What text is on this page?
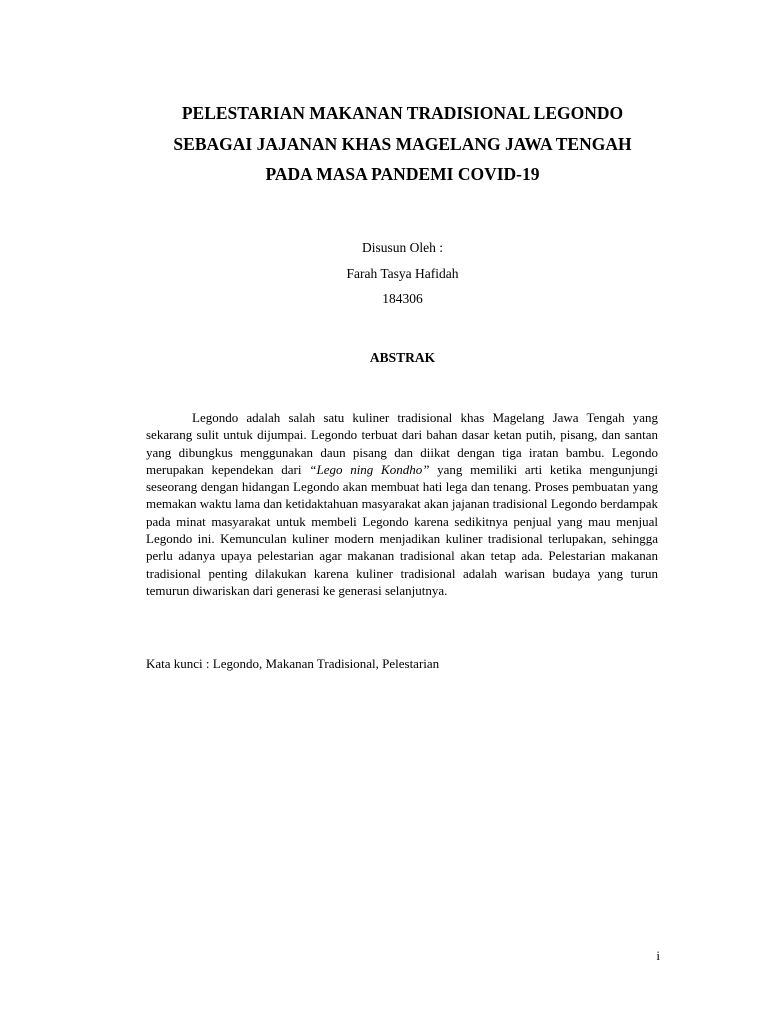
PELESTARIAN MAKANAN TRADISIONAL LEGONDO
SEBAGAI JAJANAN KHAS MAGELANG JAWA TENGAH
PADA MASA PANDEMI COVID-19
Disusun Oleh :
Farah Tasya Hafidah
184306
ABSTRAK

Legondo adalah salah satu kuliner tradisional khas Magelang Jawa Tengah yang sekarang sulit untuk dijumpai. Legondo terbuat dari bahan dasar ketan putih, pisang, dan santan yang dibungkus menggunakan daun pisang dan diikat dengan tiga iratan bambu. Legondo merupakan kependekan dari “Lego ning Kondho” yang memiliki arti ketika mengunjungi seseorang dengan hidangan Legondo akan membuat hati lega dan tenang. Proses pembuatan yang memakan waktu lama dan ketidaktahuan masyarakat akan jajanan tradisional Legondo berdampak pada minat masyarakat untuk membeli Legondo karena sedikitnya penjual yang mau menjual Legondo ini. Kemunculan kuliner modern menjadikan kuliner tradisional terlupakan, sehingga perlu adanya upaya pelestarian agar makanan tradisional akan tetap ada. Pelestarian makanan tradisional penting dilakukan karena kuliner tradisional adalah warisan budaya yang turun temurun diwariskan dari generasi ke generasi selanjutnya.

Kata kunci : Legondo, Makanan Tradisional, Pelestarian
i
